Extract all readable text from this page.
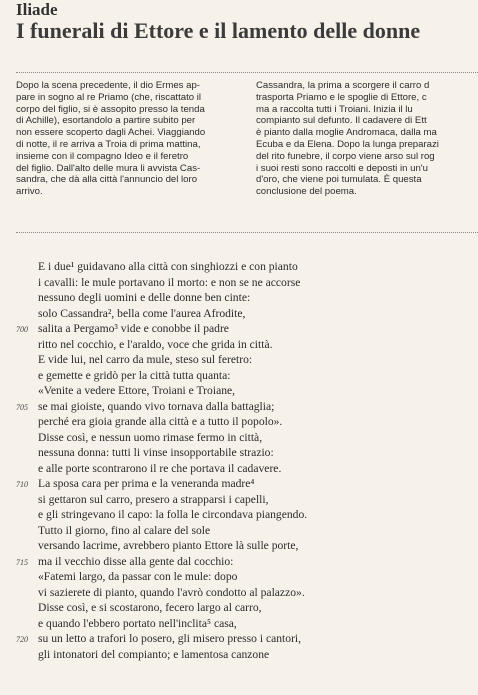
Iliade
I funerali di Ettore e il lamento delle donne
Dopo la scena precedente, il dio Ermes ap-
pare in sogno al re Priamo (che, riscattato il
corpo del figlio, si è assopito presso la tenda
di Achille), esortandolo a partire subito per
non essere scoperto dagli Achei. Viaggiando
di notte, il re arriva a Troia di prima mattina,
insieme con il compagno Ideo e il feretro
del figlio. Dall'alto delle mura li avvista Cas-
sandra, che dà alla città l'annuncio del loro
arrivo.
Cassandra, la prima a scorgere il carro d
trasporta Priamo e le spoglie di Ettore, c
ma a raccolta tutti i Troiani. Inizia il lu
compianto sul defunto. Il cadavere di Ett
è pianto dalla moglie Andromaca, dalla ma
Ecuba e da Elena. Dopo la lunga preparazi
del rito funebre, il corpo viene arso sul rog
i suoi resti sono raccolti e deposti in un'u
d'oro, che viene poi tumulata. È questa
conclusione del poema.
E i due¹ guidavano alla città con singhiozzi e con pianto
i cavalli: le mule portavano il morto: e non se ne accorse
nessuno degli uomini e delle donne ben cinte:
solo Cassandra², bella come l'aurea Afrodite,
700 salita a Pergamo³ vide e conobbe il padre
ritto nel cocchio, e l'araldo, voce che grida in città.
E vide lui, nel carro da mule, steso sul feretro:
e gemette e gridò per la città tutta quanta:
«Venite a vedere Ettore, Troiani e Troiane,
705 se mai gioiste, quando vivo tornava dalla battaglia;
perché era gioia grande alla città e a tutto il popolo».
Disse così, e nessun uomo rimase fermo in città,
nessuna donna: tutti li vinse insopportabile strazio:
e alle porte scontrarono il re che portava il cadavere.
710 La sposa cara per prima e la veneranda madre⁴
si gettaron sul carro, presero a strapparsi i capelli,
e gli stringevano il capo: la folla le circondava piangendo.
Tutto il giorno, fino al calare del sole
versando lacrime, avrebbero pianto Ettore là sulle porte,
715 ma il vecchio disse alla gente dal cocchio:
«Fatemi largo, da passar con le mule: dopo
vi sazierete di pianto, quando l'avrò condotto al palazzo».
Disse così, e si scostarono, fecero largo al carro,
e quando l'ebbero portato nell'inclita⁵ casa,
720 su un letto a trafori lo posero, gli misero presso i cantori,
gli intonatori del compianto; e lamentosa canzone
